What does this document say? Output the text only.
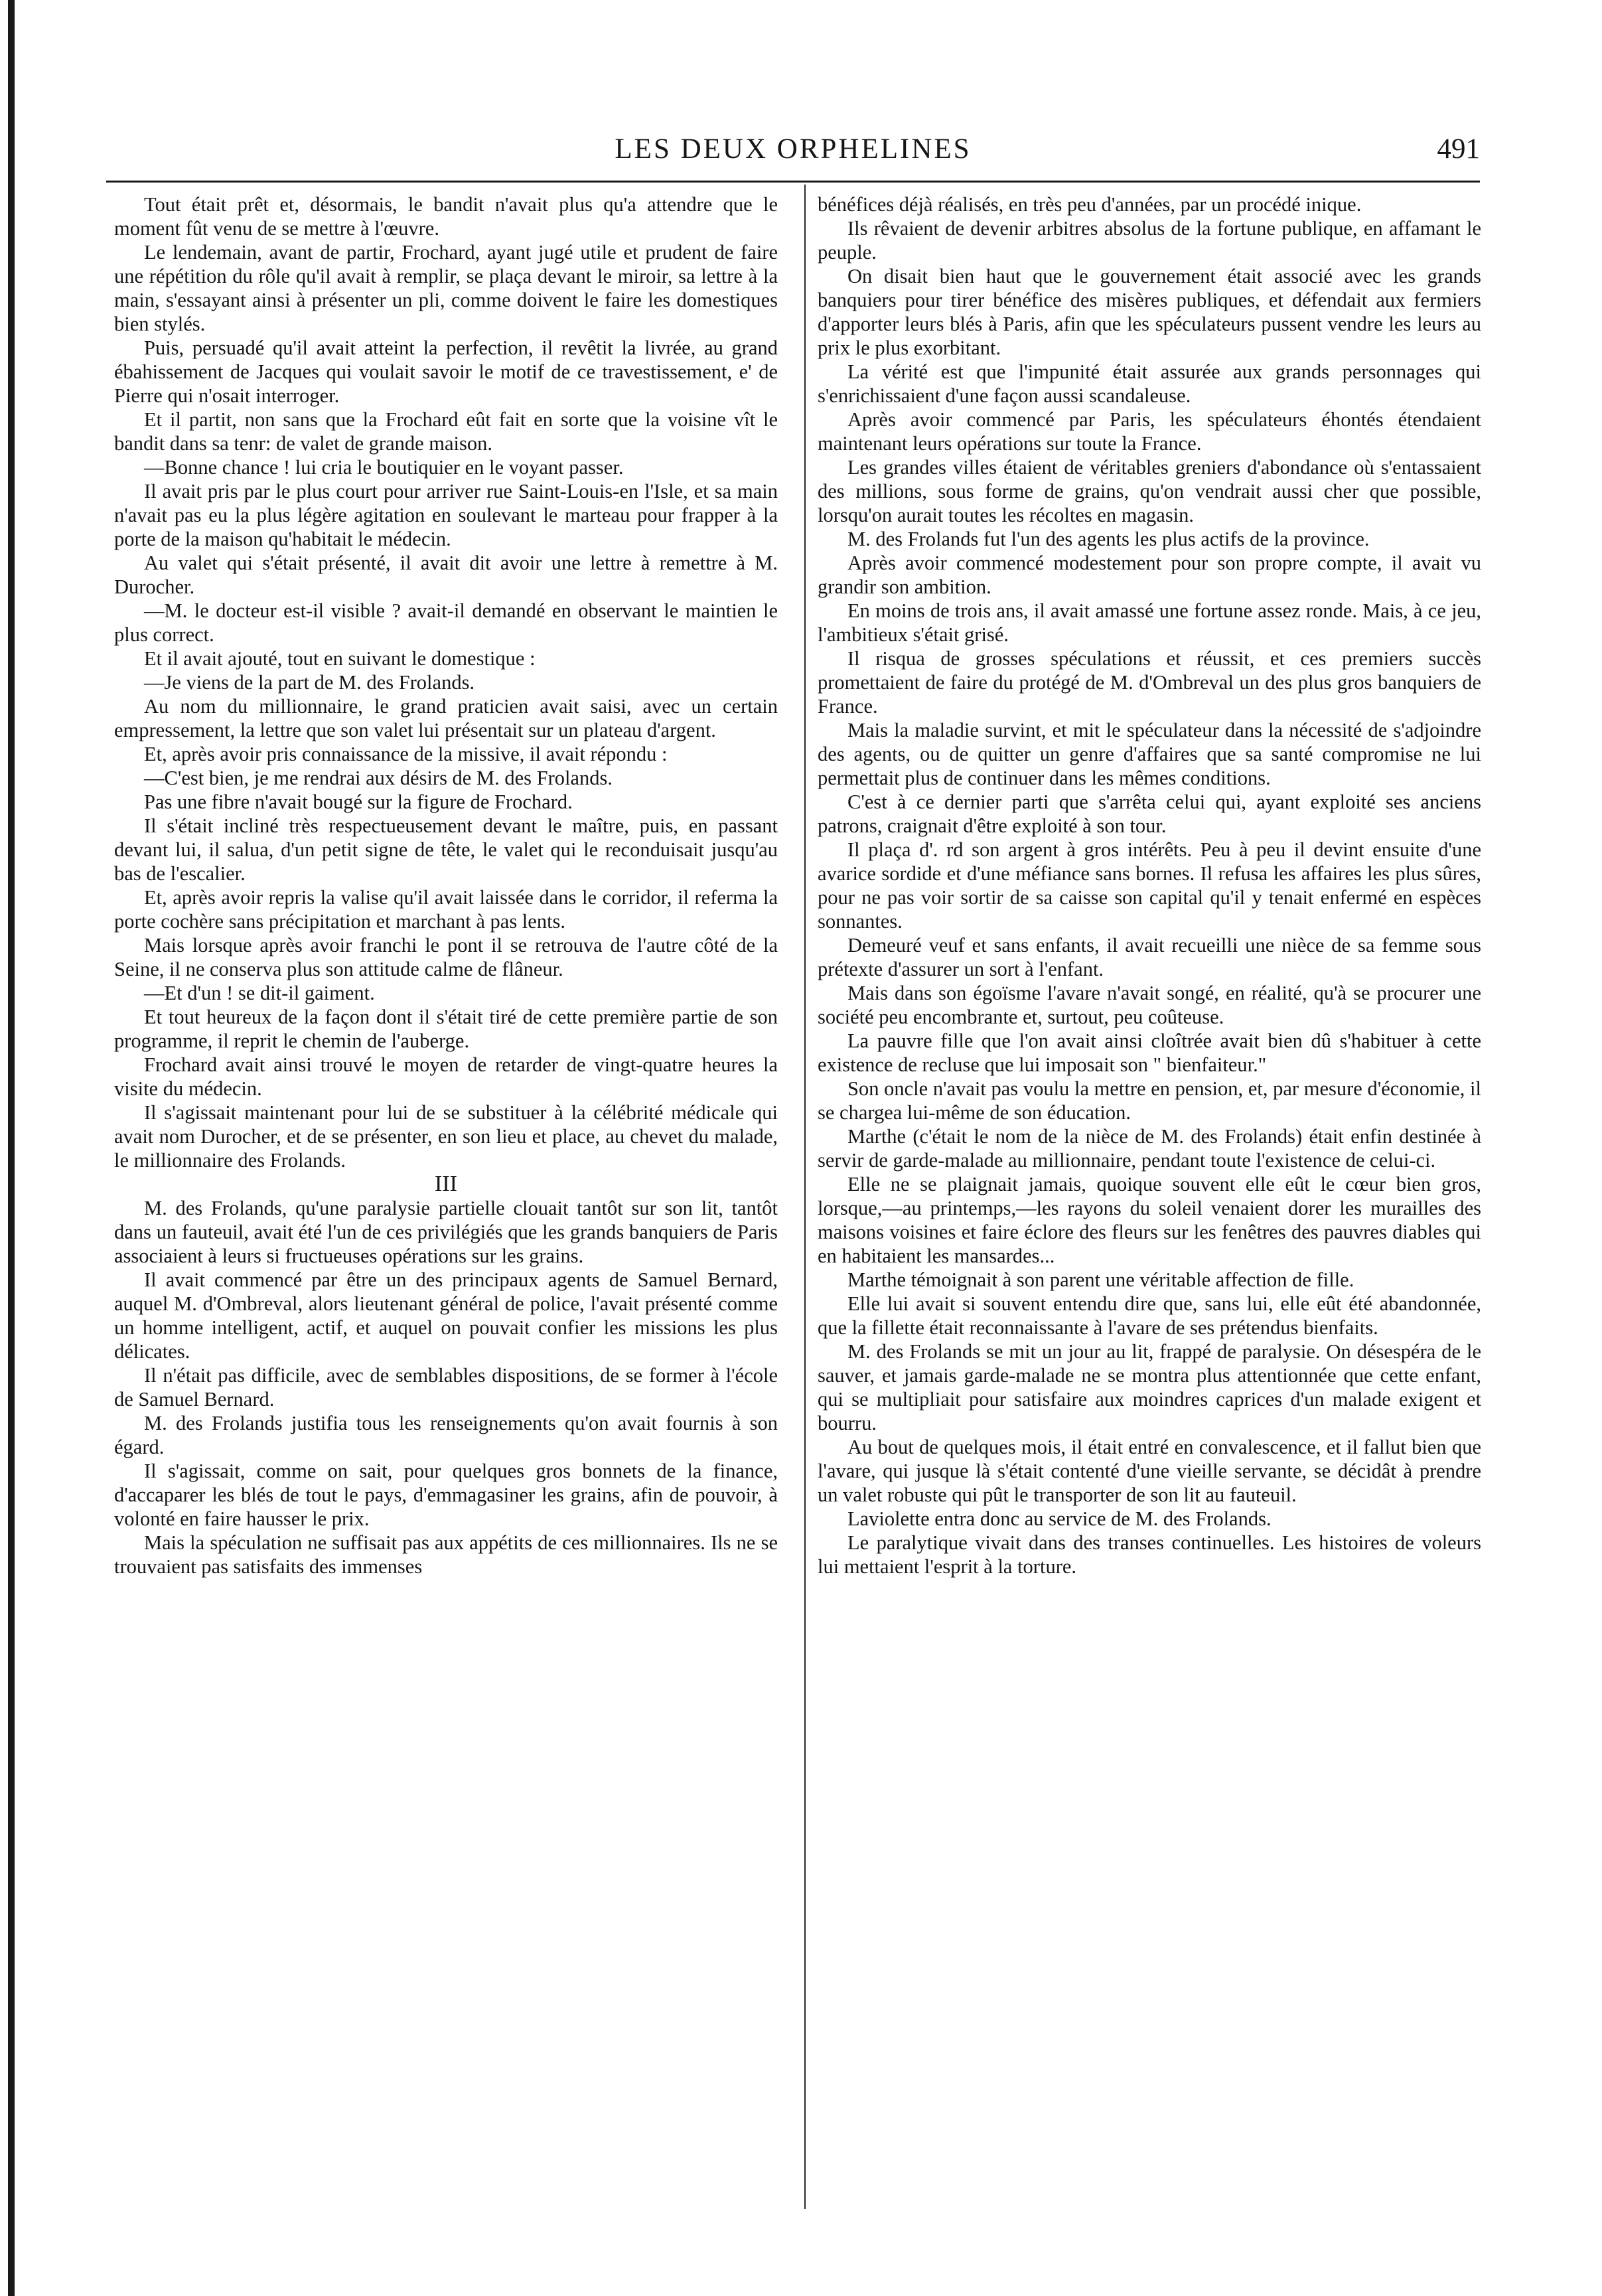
LES DEUX ORPHELINES	491

Tout était prêt et, désormais, le bandit n'avait plus qu'a attendre que le moment fût venu de se mettre à l'œuvre.

Le lendemain, avant de partir, Frochard, ayant jugé utile et prudent de faire une répétition du rôle qu'il avait à remplir, se plaça devant le miroir, sa lettre à la main, s'essayant ainsi à présenter un pli, comme doivent le faire les domestiques bien stylés.

Puis, persuadé qu'il avait atteint la perfection, il revêtit la livrée, au grand ébahissement de Jacques qui voulait savoir le motif de ce travestissement, e' de Pierre qui n'osait interroger.

Et il partit, non sans que la Frochard eût fait en sorte que la voisine vît le bandit dans sa tenr: de valet de grande maison.

—Bonne chance ! lui cria le boutiquier en le voyant passer.

Il avait pris par le plus court pour arriver rue Saint-Louis-en l'Isle, et sa main n'avait pas eu la plus légère agitation en soulevant le marteau pour frapper à la porte de la maison qu'habitait le médecin.

Au valet qui s'était présenté, il avait dit avoir une lettre à remettre à M. Durocher.

—M. le docteur est-il visible ? avait-il demandé en observant le maintien le plus correct.

Et il avait ajouté, tout en suivant le domestique :

—Je viens de la part de M. des Frolands.

Au nom du millionnaire, le grand praticien avait saisi, avec un certain empressement, la lettre que son valet lui présentait sur un plateau d'argent.

Et, après avoir pris connaissance de la missive, il avait répondu :

—C'est bien, je me rendrai aux désirs de M. des Frolands.

Pas une fibre n'avait bougé sur la figure de Frochard.

Il s'était incliné très respectueusement devant le maître, puis, en passant devant lui, il salua, d'un petit signe de tête, le valet qui le reconduisait jusqu'au bas de l'escalier.

Et, après avoir repris la valise qu'il avait laissée dans le corridor, il referma la porte cochère sans précipitation et marchant à pas lents.

Mais lorsque après avoir franchi le pont il se retrouva de l'autre côté de la Seine, il ne conserva plus son attitude calme de flâneur.

—Et d'un ! se dit-il gaiment.

Et tout heureux de la façon dont il s'était tiré de cette première partie de son programme, il reprit le chemin de l'auberge.

Frochard avait ainsi trouvé le moyen de retarder de vingt-quatre heures la visite du médecin.

Il s'agissait maintenant pour lui de se substituer à la célébrité médicale qui avait nom Durocher, et de se présenter, en son lieu et place, au chevet du malade, le millionnaire des Frolands.

III

M. des Frolands, qu'une paralysie partielle clouait tantôt sur son lit, tantôt dans un fauteuil, avait été l'un de ces privilégiés que les grands banquiers de Paris associaient à leurs si fructueuses opérations sur les grains.

Il avait commencé par être un des principaux agents de Samuel Bernard, auquel M. d'Ombreval, alors lieutenant général de police, l'avait présenté comme un homme intelligent, actif, et auquel on pouvait confier les missions les plus délicates.

Il n'était pas difficile, avec de semblables dispositions, de se former à l'école de Samuel Bernard.

M. des Frolands justifia tous les renseignements qu'on avait fournis à son égard.

Il s'agissait, comme on sait, pour quelques gros bonnets de la finance, d'accaparer les blés de tout le pays, d'emmagasiner les grains, afin de pouvoir, à volonté en faire hausser le prix.

Mais la spéculation ne suffisait pas aux appétits de ces millionnaires. Ils ne se trouvaient pas satisfaits des immenses

bénéfices déjà réalisés, en très peu d'années, par un procédé inique.

Ils rêvaient de devenir arbitres absolus de la fortune publique, en affamant le peuple.

On disait bien haut que le gouvernement était associé avec les grands banquiers pour tirer bénéfice des misères publiques, et défendait aux fermiers d'apporter leurs blés à Paris, afin que les spéculateurs pussent vendre les leurs au prix le plus exorbitant.

La vérité est que l'impunité était assurée aux grands personnages qui s'enrichissaient d'une façon aussi scandaleuse.

Après avoir commencé par Paris, les spéculateurs éhontés étendaient maintenant leurs opérations sur toute la France.

Les grandes villes étaient de véritables greniers d'abondance où s'entassaient des millions, sous forme de grains, qu'on vendrait aussi cher que possible, lorsqu'on aurait toutes les récoltes en magasin.

M. des Frolands fut l'un des agents les plus actifs de la province.

Après avoir commencé modestement pour son propre compte, il avait vu grandir son ambition.

En moins de trois ans, il avait amassé une fortune assez ronde. Mais, à ce jeu, l'ambitieux s'était grisé.

Il risqua de grosses spéculations et réussit, et ces premiers succès promettaient de faire du protégé de M. d'Ombreval un des plus gros banquiers de France.

Mais la maladie survint, et mit le spéculateur dans la nécessité de s'adjoindre des agents, ou de quitter un genre d'affaires que sa santé compromise ne lui permettait plus de continuer dans les mêmes conditions.

C'est à ce dernier parti que s'arrêta celui qui, ayant exploité ses anciens patrons, craignait d'être exploité à son tour.

Il plaça d'. rd son argent à gros intérêts. Peu à peu il devint ensuite d'une avarice sordide et d'une méfiance sans bornes. Il refusa les affaires les plus sûres, pour ne pas voir sortir de sa caisse son capital qu'il y tenait enfermé en espèces sonnantes.

Demeuré veuf et sans enfants, il avait recueilli une nièce de sa femme sous prétexte d'assurer un sort à l'enfant.

Mais dans son égoïsme l'avare n'avait songé, en réalité, qu'à se procurer une société peu encombrante et, surtout, peu coûteuse.

La pauvre fille que l'on avait ainsi cloîtrée avait bien dû s'habituer à cette existence de recluse que lui imposait son " bienfaiteur."

Son oncle n'avait pas voulu la mettre en pension, et, par mesure d'économie, il se chargea lui-même de son éducation.

Marthe (c'était le nom de la nièce de M. des Frolands) était enfin destinée à servir de garde-malade au millionnaire, pendant toute l'existence de celui-ci.

Elle ne se plaignait jamais, quoique souvent elle eût le cœur bien gros, lorsque,—au printemps,—les rayons du soleil venaient dorer les murailles des maisons voisines et faire éclore des fleurs sur les fenêtres des pauvres diables qui en habitaient les mansardes...

Marthe témoignait à son parent une véritable affection de fille.

Elle lui avait si souvent entendu dire que, sans lui, elle eût été abandonnée, que la fillette était reconnaissante à l'avare de ses prétendus bienfaits.

M. des Frolands se mit un jour au lit, frappé de paralysie. On désespéra de le sauver, et jamais garde-malade ne se montra plus attentionnée que cette enfant, qui se multipliait pour satisfaire aux moindres caprices d'un malade exigent et bourru.

Au bout de quelques mois, il était entré en convalescence, et il fallut bien que l'avare, qui jusque là s'était contenté d'une vieille servante, se décidât à prendre un valet robuste qui pût le transporter de son lit au fauteuil.

Laviolette entra donc au service de M. des Frolands.

Le paralytique vivait dans des transes continuelles. Les histoires de voleurs lui mettaient l'esprit à la torture.
